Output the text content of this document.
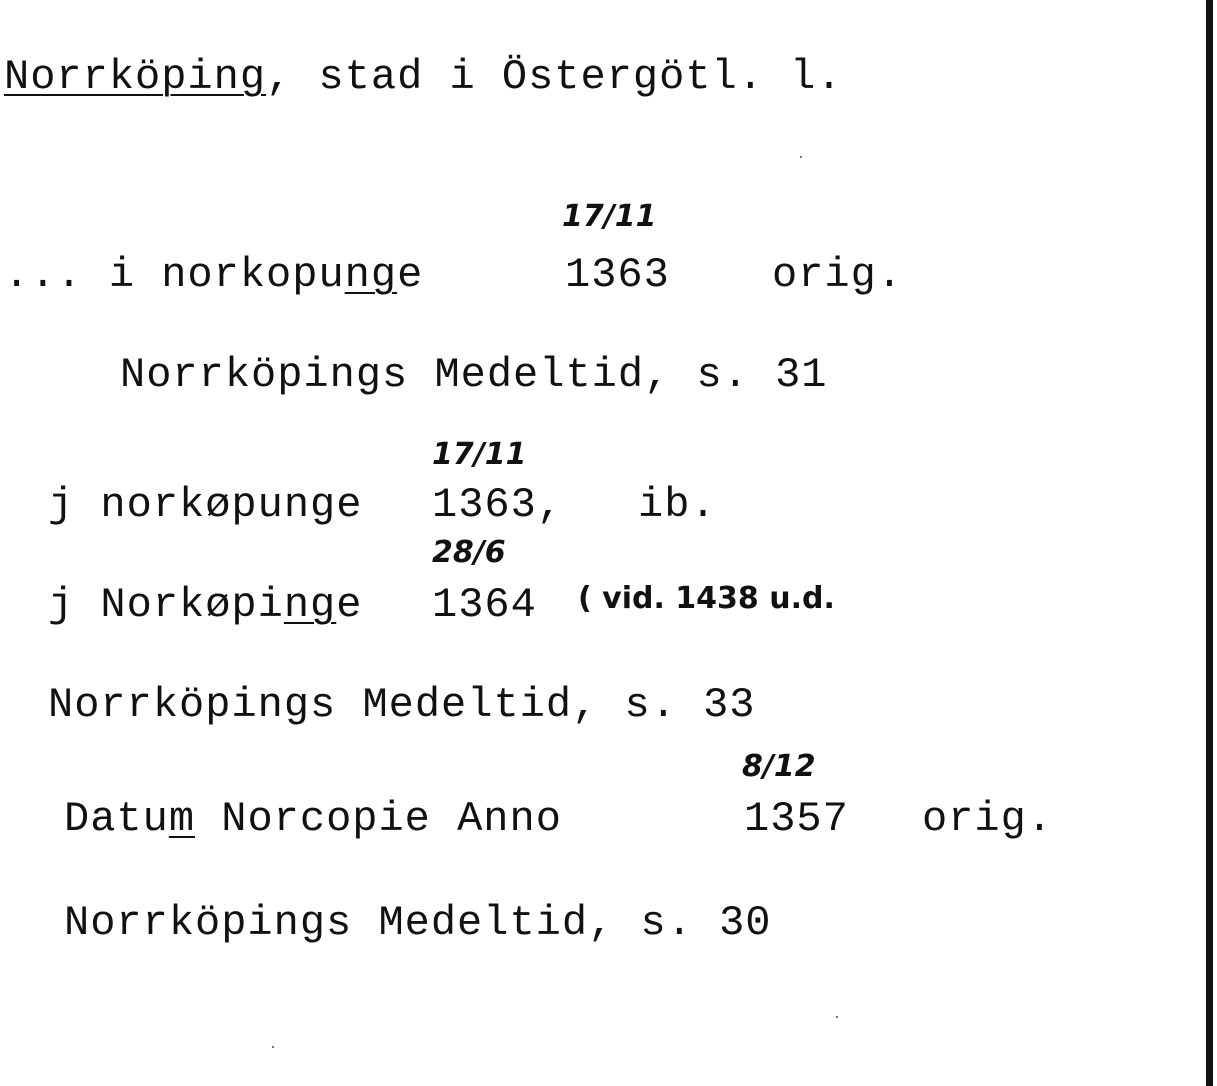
Norrköping, stad i Östergötl. l.
17/11
... i norkopunge	1363 orig.
Norrköpings Medeltid, s. 31
17/11
j norkøpunge 1363, ib.
28/6
j Norkøpinge 1364 ( vid. 1438 u.d.
Norrköpings Medeltid, s. 33
8/12
Datum Norcopie Anno	1357 orig.
Norrköpings Medeltid, s. 30
